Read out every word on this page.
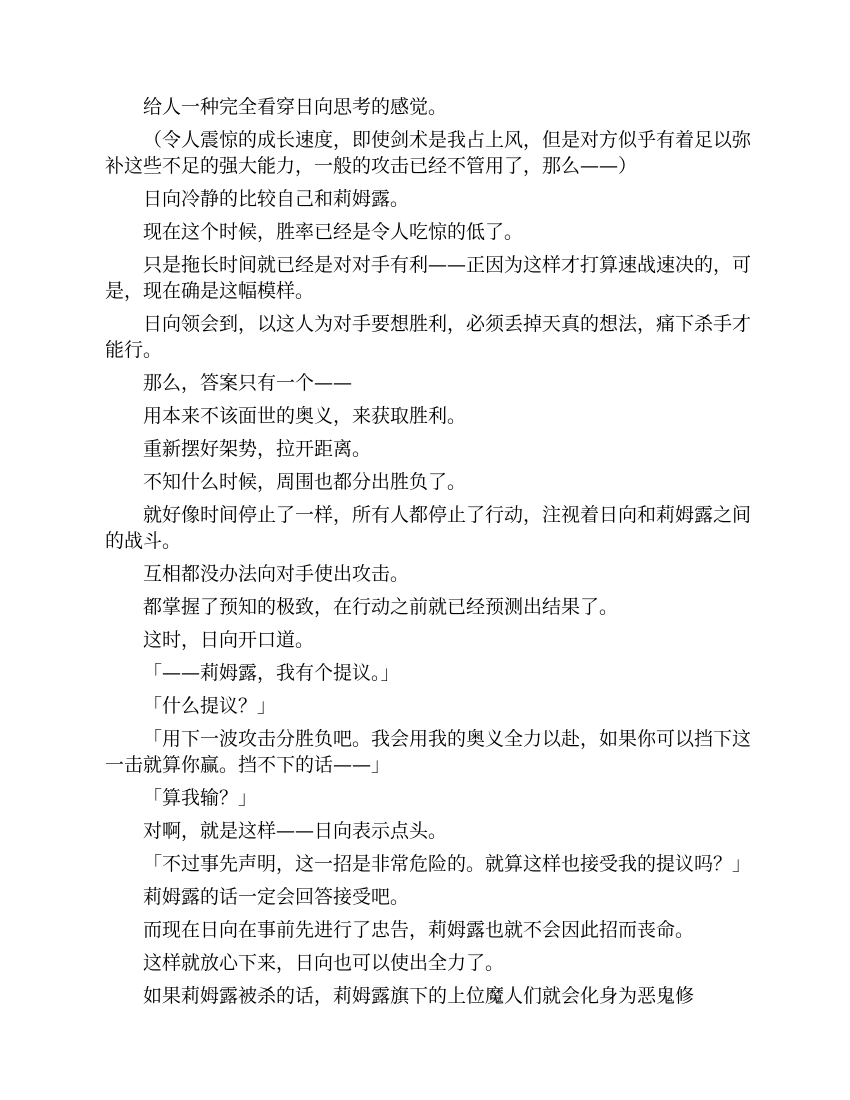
给人一种完全看穿日向思考的感觉。

（令人震惊的成长速度，即使剑术是我占上风，但是对方似乎有着足以弥补这些不足的强大能力，一般的攻击已经不管用了，那么——）

日向冷静的比较自己和莉姆露。

现在这个时候，胜率已经是令人吃惊的低了。

只是拖长时间就已经是对对手有利——正因为这样才打算速战速决的，可是，现在确是这幅模样。

日向领会到，以这人为对手要想胜利，必须丢掉天真的想法，痛下杀手才能行。

那么，答案只有一个——

用本来不该面世的奥义，来获取胜利。

重新摆好架势，拉开距离。

不知什么时候，周围也都分出胜负了。

就好像时间停止了一样，所有人都停止了行动，注视着日向和莉姆露之间的战斗。

互相都没办法向对手使出攻击。

都掌握了预知的极致，在行动之前就已经预测出结果了。

这时，日向开口道。

「——莉姆露，我有个提议。」

「什么提议？」

「用下一波攻击分胜负吧。我会用我的奥义全力以赴，如果你可以挡下这一击就算你赢。挡不下的话——」

「算我输？」

对啊，就是这样——日向表示点头。

「不过事先声明，这一招是非常危险的。就算这样也接受我的提议吗？」

莉姆露的话一定会回答接受吧。

而现在日向在事前先进行了忠告，莉姆露也就不会因此招而丧命。

这样就放心下来，日向也可以使出全力了。

如果莉姆露被杀的话，莉姆露旗下的上位魔人们就会化身为恶鬼修
